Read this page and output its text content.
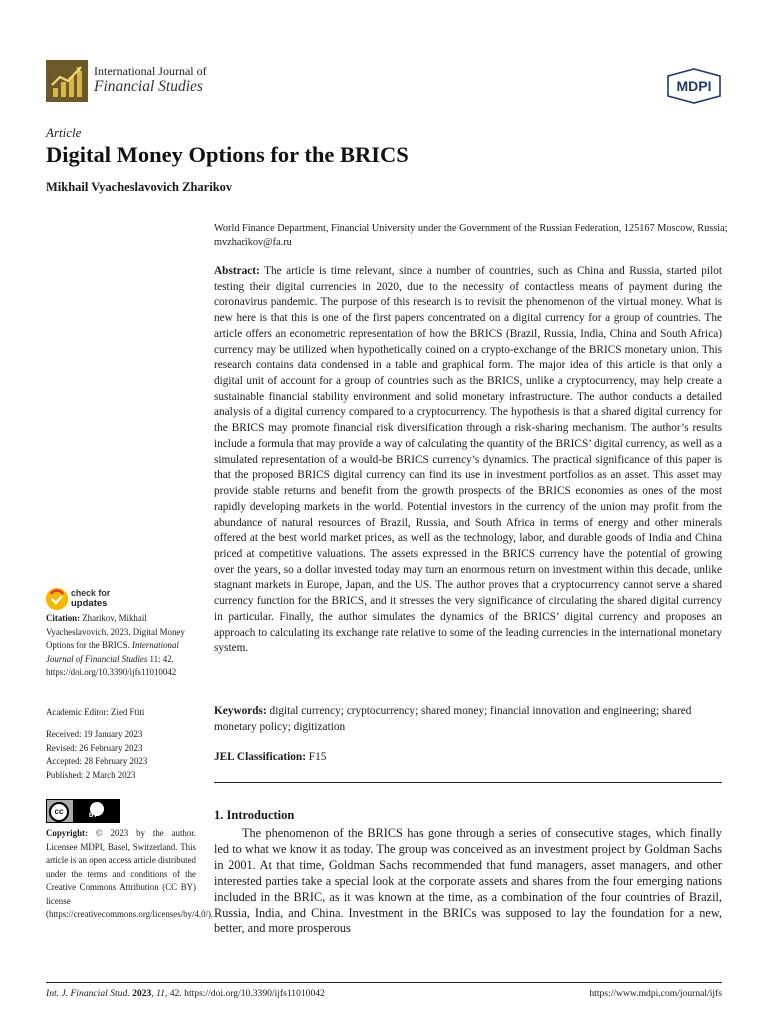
International Journal of
Financial Studies	MDPI
Article
Digital Money Options for the BRICS
Mikhail Vyacheslavovich Zharikov
World Finance Department, Financial University under the Government of the Russian Federation, 125167 Moscow, Russia; mvzharikov@fa.ru
Abstract: The article is time relevant, since a number of countries, such as China and Russia, started pilot testing their digital currencies in 2020, due to the necessity of contactless means of payment during the coronavirus pandemic. The purpose of this research is to revisit the phenomenon of the virtual money. What is new here is that this is one of the first papers concentrated on a digital currency for a group of countries. The article offers an econometric representation of how the BRICS (Brazil, Russia, India, China and South Africa) currency may be utilized when hypothetically coined on a crypto-exchange of the BRICS monetary union. This research contains data condensed in a table and graphical form. The major idea of this article is that only a digital unit of account for a group of countries such as the BRICS, unlike a cryptocurrency, may help create a sustainable financial stability environment and solid monetary infrastructure. The author conducts a detailed analysis of a digital currency compared to a cryptocurrency. The hypothesis is that a shared digital currency for the BRICS may promote financial risk diversification through a risk-sharing mechanism. The author’s results include a formula that may provide a way of calculating the quantity of the BRICS’ digital currency, as well as a simulated representation of a would-be BRICS currency’s dynamics. The practical significance of this paper is that the proposed BRICS digital currency can find its use in investment portfolios as an asset. This asset may provide stable returns and benefit from the growth prospects of the BRICS economies as ones of the most rapidly developing markets in the world. Potential investors in the currency of the union may profit from the abundance of natural resources of Brazil, Russia, and South Africa in terms of energy and other minerals offered at the best world market prices, as well as the technology, labor, and durable goods of India and China priced at competitive valuations. The assets expressed in the BRICS currency have the potential of growing over the years, so a dollar invested today may turn an enormous return on investment within this decade, unlike stagnant markets in Europe, Japan, and the US. The author proves that a cryptocurrency cannot serve a shared currency function for the BRICS, and it stresses the very significance of circulating the shared digital currency in particular. Finally, the author simulates the dynamics of the BRICS’ digital currency and proposes an approach to calculating its exchange rate relative to some of the leading currencies in the international monetary system.
Keywords: digital currency; cryptocurrency; shared money; financial innovation and engineering; shared monetary policy; digitization
JEL Classification: F15
1. Introduction
The phenomenon of the BRICS has gone through a series of consecutive stages, which finally led to what we know it as today. The group was conceived as an investment project by Goldman Sachs in 2001. At that time, Goldman Sachs recommended that fund managers, asset managers, and other interested parties take a special look at the corporate assets and shares from the four emerging nations included in the BRIC, as it was known at the time, as a combination of the four countries of Brazil, Russia, India, and China. Investment in the BRICs was supposed to lay the foundation for a new, better, and more prosperous
check for
updates
Citation: Zharikov, Mikhail Vyacheslavovich. 2023. Digital Money Options for the BRICS. International Journal of Financial Studies 11: 42. https://doi.org/10.3390/ijfs11010042
Academic Editor: Zied Ftiti
Received: 19 January 2023
Revised: 26 February 2023
Accepted: 28 February 2023
Published: 2 March 2023
cc	BY
Copyright: © 2023 by the author. Licensee MDPI, Basel, Switzerland. This article is an open access article distributed under the terms and conditions of the Creative Commons Attribution (CC BY) license (https://creativecommons.org/licenses/by/4.0/).
Int. J. Financial Stud. 2023, 11, 42. https://doi.org/10.3390/ijfs11010042	https://www.mdpi.com/journal/ijfs
